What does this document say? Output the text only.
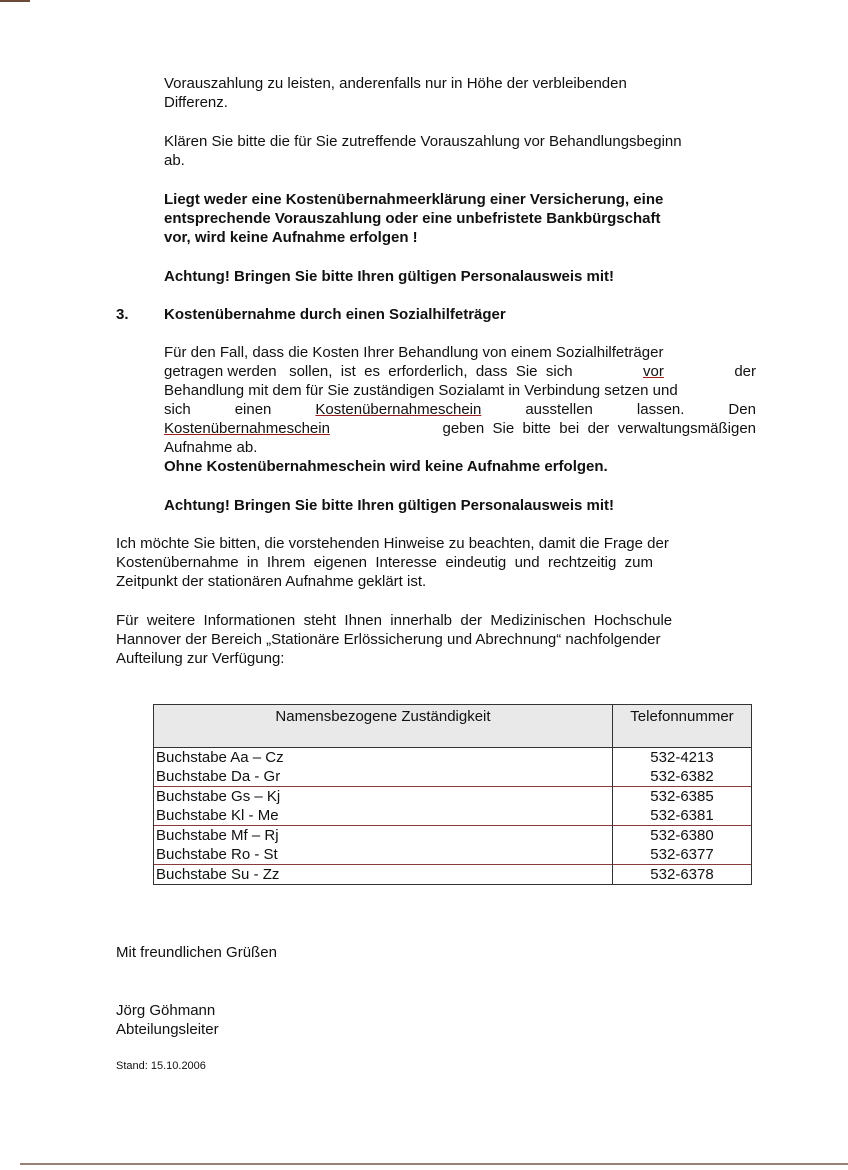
Vorauszahlung zu leisten, anderenfalls nur in Höhe der verbleibenden
Differenz.
Klären Sie bitte die für Sie zutreffende Vorauszahlung vor Behandlungsbeginn
ab.
Liegt weder eine Kostenübernahmeerklärung einer Versicherung, eine
entsprechende Vorauszahlung oder eine unbefristete Bankbürgschaft
vor, wird keine Aufnahme erfolgen !
Achtung! Bringen Sie bitte Ihren gültigen Personalausweis mit!
3. Kostenübernahme durch einen Sozialhilfeträger
Für den Fall, dass die Kosten Ihrer Behandlung von einem Sozialhilfeträger
getragen werden   sollen,  ist  es  erforderlich,  dass  Sie  sich	vor	der
Behandlung mit dem für Sie zuständigen Sozialamt in Verbindung setzen und
sich	einen	Kostenübernahmeschein	ausstellen	lassen.	Den
Kostenübernahmeschein	geben  Sie  bitte  bei  der  verwaltungsmäßigen
Aufnahme ab.
Ohne Kostenübernahmeschein wird keine Aufnahme erfolgen.
Achtung! Bringen Sie bitte Ihren gültigen Personalausweis mit!
Ich möchte Sie bitten, die vorstehenden Hinweise zu beachten, damit die Frage der
Kostenübernahme  in  Ihrem  eigenen  Interesse  eindeutig  und  rechtzeitig  zum
Zeitpunkt der stationären Aufnahme geklärt ist.
Für  weitere  Informationen  steht  Ihnen  innerhalb  der  Medizinischen  Hochschule
Hannover der Bereich „Stationäre Erlössicherung und Abrechnung“ nachfolgender
Aufteilung zur Verfügung:
Namensbezogene Zuständigkeit	Telefonnummer
Buchstabe Aa – Cz	532-4213
Buchstabe Da - Gr	532-6382
Buchstabe Gs – Kj	532-6385
Buchstabe Kl - Me	532-6381
Buchstabe Mf – Rj	532-6380
Buchstabe Ro - St	532-6377
Buchstabe Su - Zz	532-6378
Mit freundlichen Grüßen
Jörg Göhmann
Abteilungsleiter
Stand: 15.10.2006
